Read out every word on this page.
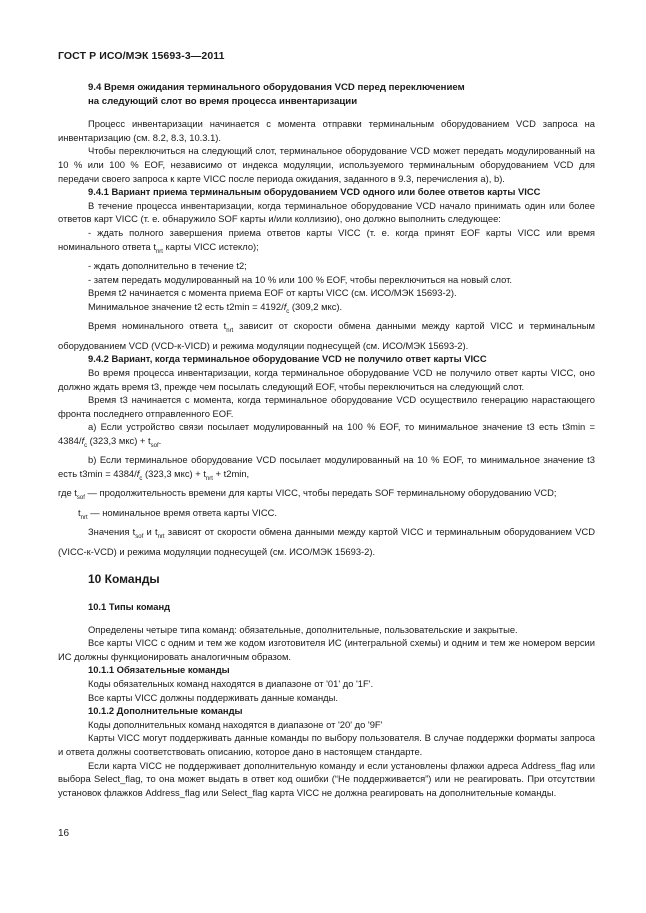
ГОСТ Р ИСО/МЭК 15693-3—2011

9.4 Время ожидания терминального оборудования VCD перед переключением

на следующий слот во время процесса инвентаризации

Процесс инвентаризации начинается с момента отправки терминальным оборудованием VCD запроса на инвентаризацию (см. 8.2, 8.3, 10.3.1).

Чтобы переключиться на следующий слот, терминальное оборудование VCD может передать модулированный на 10 % или 100 % EOF, независимо от индекса модуляции, используемого терминальным оборудованием VCD для передачи своего запроса к карте VICC после периода ожидания, заданного в 9.3, перечисления а), b).

9.4.1 Вариант приема терминальным оборудованием VCD одного или более ответов карты VICC

В течение процесса инвентаризации, когда терминальное оборудование VCD начало принимать один или более ответов карт VICC (т. е. обнаружило SOF карты и/или коллизию), оно должно выполнить следующее:

- ждать полного завершения приема ответов карты VICC (т. е. когда принят EOF карты VICC или время номинального ответа $t_{nrt}$ карты VICC истекло);

- ждать дополнительно в течение t2;

- затем передать модулированный на 10 % или 100 % EOF, чтобы переключиться на новый слот.

Время t2 начинается с момента приема EOF от карты VICC (см. ИСО/МЭК 15693-2).

Минимальное значение t2 есть $t2\min = 4192/f_c$ (309,2 мкс).

Время номинального ответа $t_{nrt}$ зависит от скорости обмена данными между картой VICC и терминальным оборудованием VCD (VCD-к-VICD) и режима модуляции поднесущей (см. ИСО/МЭК 15693-2).

9.4.2 Вариант, когда терминальное оборудование VCD не получило ответ карты VICC

Во время процесса инвентаризации, когда терминальное оборудование VCD не получило ответ карты VICC, оно должно ждать время t3, прежде чем посылать следующий EOF, чтобы переключиться на следующий слот.

Время t3 начинается с момента, когда терминальное оборудование VCD осуществило генерацию нарастающего фронта последнего отправленного EOF.

а) Если устройство связи посылает модулированный на 100 % EOF, то минимальное значение t3 есть $t3\min = 4384/f_c$ (323,3 $мкс) + t_{sof}$.

b) Если терминальное оборудование VCD посылает модулированный на 10 % EOF, то минимальное значение t3 есть $t3\min = 4384/f_c$ (323,3 $мкс) + t_{nrt} + t2\min$,

где $t_{sof}$ — продолжительность времени для карты VICC, чтобы передать SOF терминальному оборудованию VCD;

$t_{nrt}$ — номинальное время ответа карты VICC.

Значения $t_{sof}$ и $t_{nrt}$ зависят от скорости обмена данными между картой VICC и терминальным оборудованием VCD (VICC-к-VCD) и режима модуляции поднесущей (см. ИСО/МЭК 15693-2).

10 Команды

10.1 Типы команд

Определены четыре типа команд: обязательные, дополнительные, пользовательские и закрытые.

Все карты VICC с одним и тем же кодом изготовителя ИС (интегральной схемы) и одним и тем же номером версии ИС должны функционировать аналогичным образом.

10.1.1 Обязательные команды

Коды обязательных команд находятся в диапазоне от '01' до '1F'.

Все карты VICC должны поддерживать данные команды.

10.1.2 Дополнительные команды

Коды дополнительных команд находятся в диапазоне от '20' до '9F'

Карты VICC могут поддерживать данные команды по выбору пользователя. В случае поддержки форматы запроса и ответа должны соответствовать описанию, которое дано в настоящем стандарте.

Если карта VICC не поддерживает дополнительную команду и если установлены флажки адреса Address_flag или выбора Select_flag, то она может выдать в ответ код ошибки (“Не поддерживается”) или не реагировать. При отсутствии установок флажков Address_flag или Select_flag карта VICC не должна реагировать на дополнительные команды.

16
